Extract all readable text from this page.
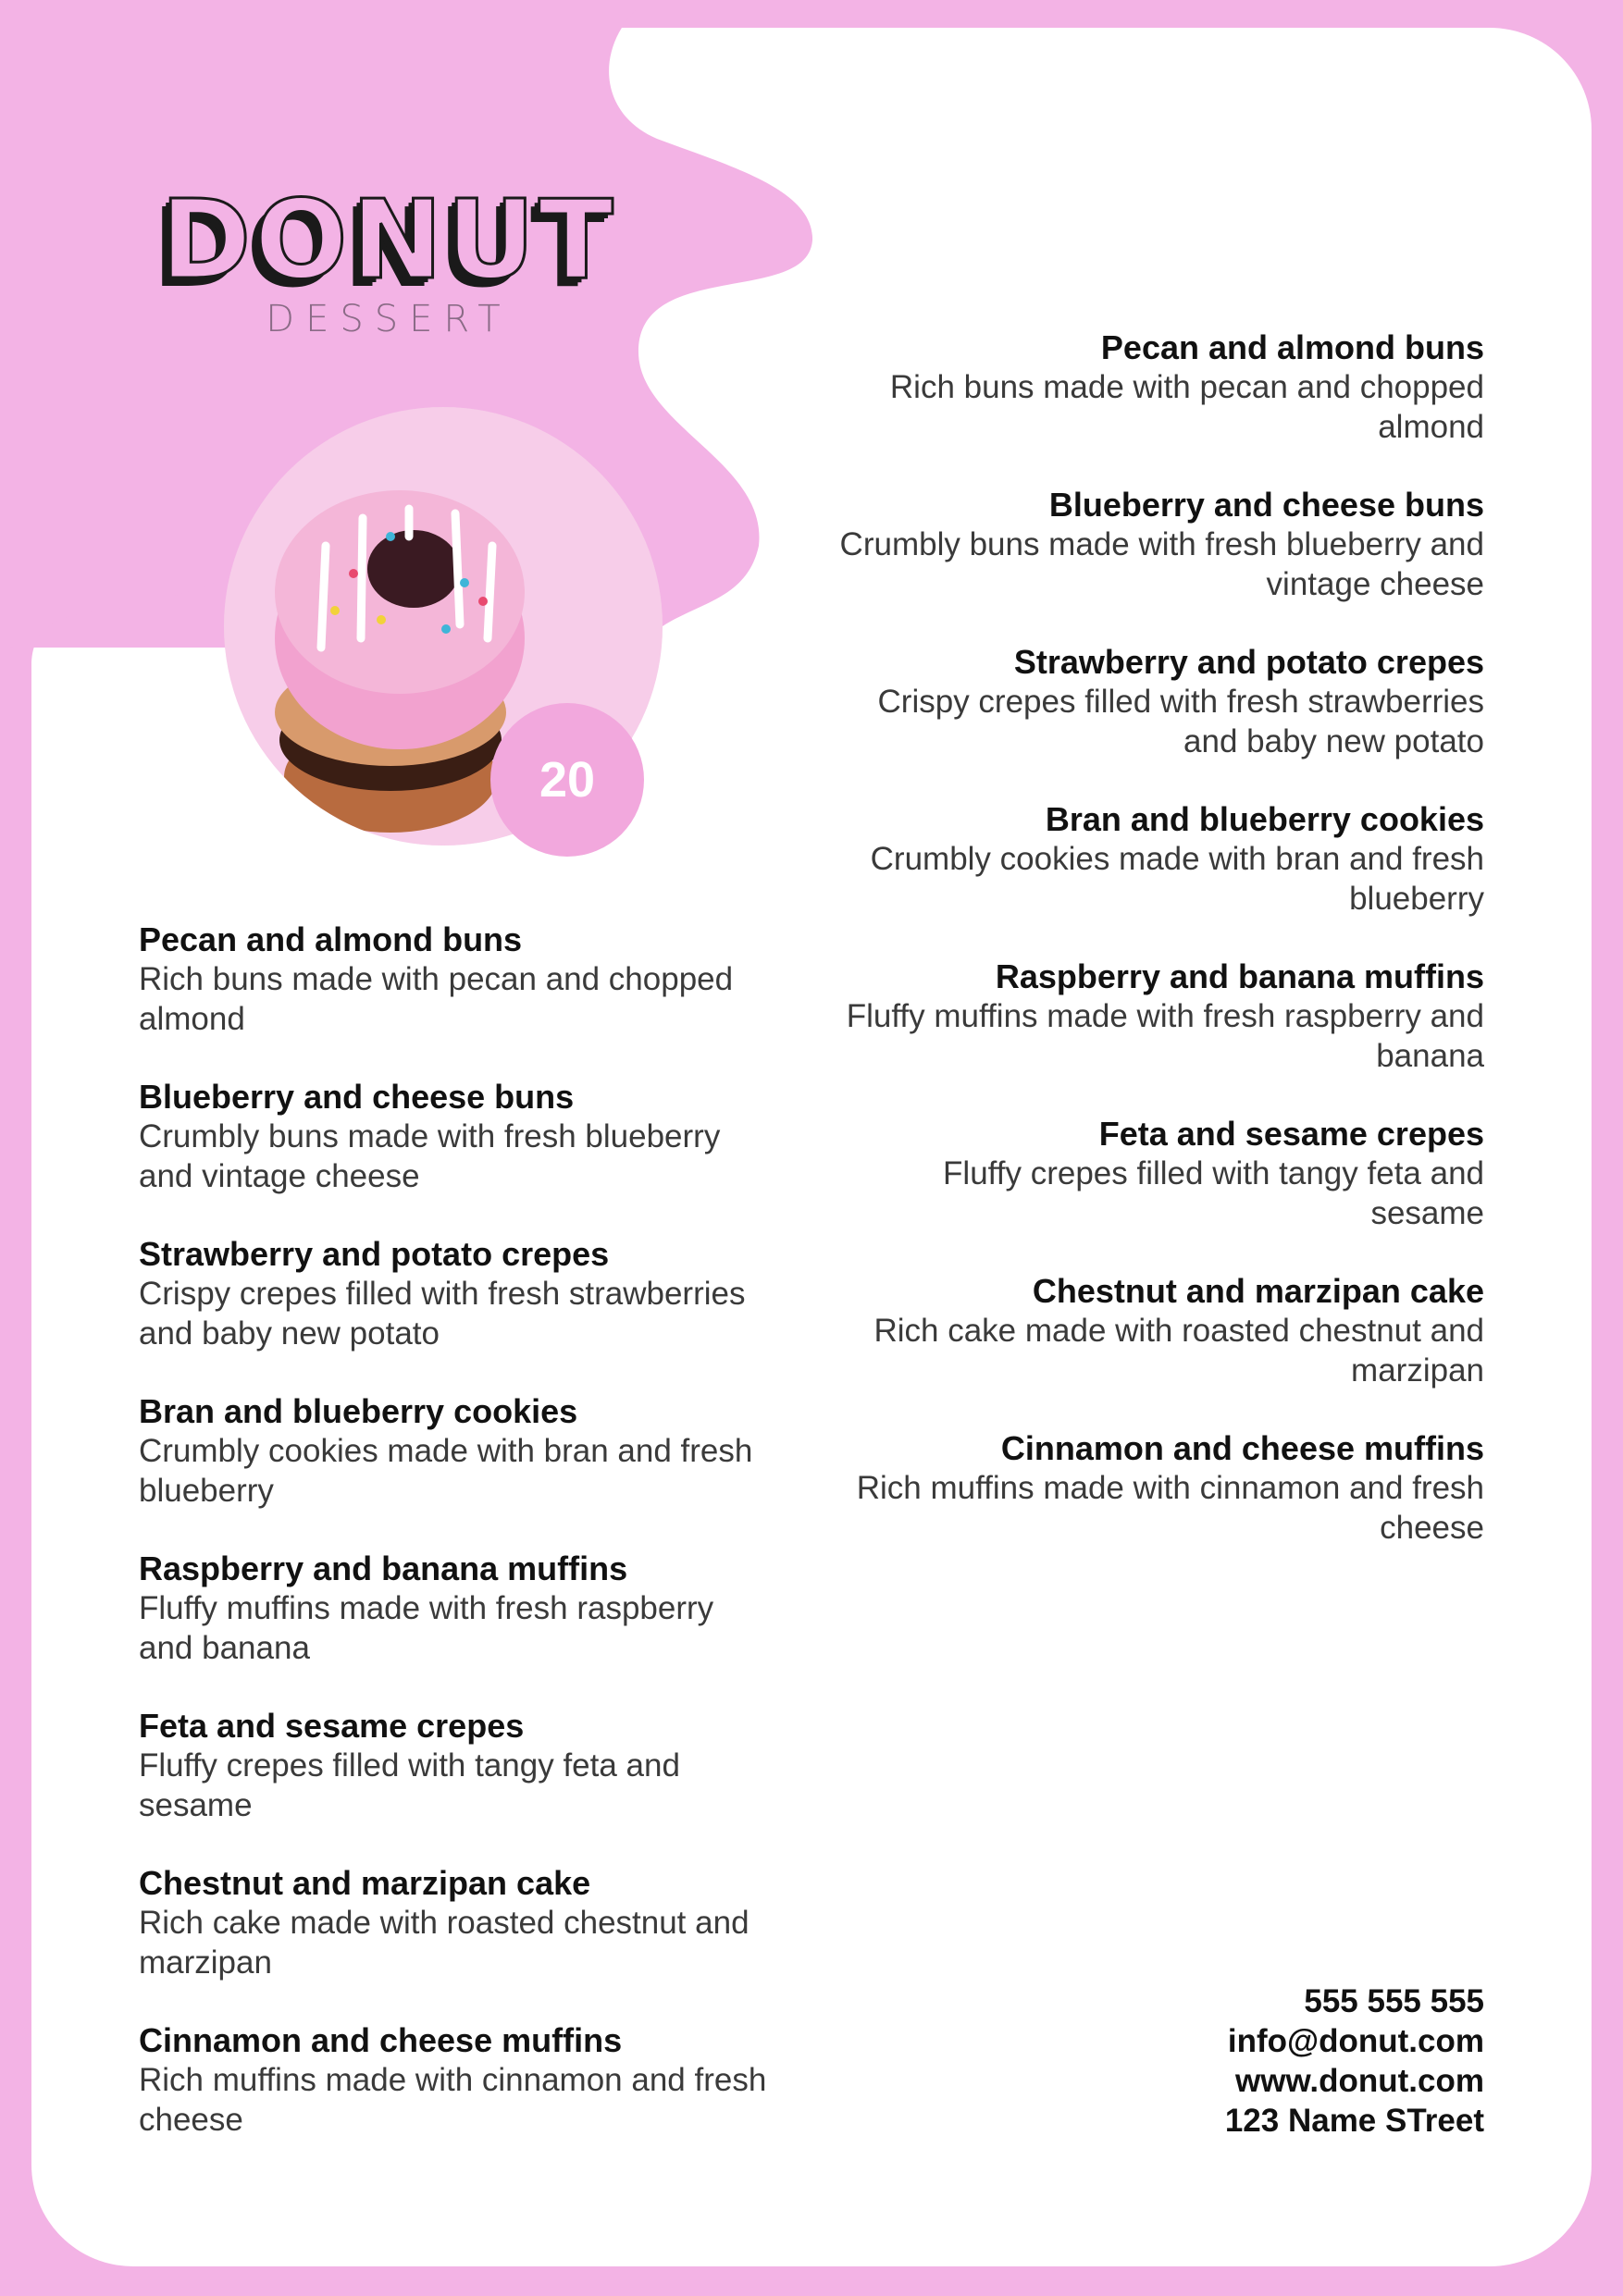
DONUT
DESSERT
20
Pecan and almond buns
Rich buns made with pecan and chopped almond
Blueberry and cheese buns
Crumbly buns made with fresh blueberry and vintage cheese
Strawberry and potato crepes
Crispy crepes filled with fresh strawberries and baby new potato
Bran and blueberry cookies
Crumbly cookies made with bran and fresh blueberry
Raspberry and banana muffins
Fluffy muffins made with fresh raspberry and banana
Feta and sesame crepes
Fluffy crepes filled with tangy feta and sesame
Chestnut and marzipan cake
Rich cake made with roasted chestnut and marzipan
Cinnamon and cheese muffins
Rich muffins made with cinnamon and fresh cheese
Pecan and almond buns
Rich buns made with pecan and chopped almond
Blueberry and cheese buns
Crumbly buns made with fresh blueberry and vintage cheese
Strawberry and potato crepes
Crispy crepes filled with fresh strawberries and baby new potato
Bran and blueberry cookies
Crumbly cookies made with bran and fresh blueberry
Raspberry and banana muffins
Fluffy muffins made with fresh raspberry and banana
Feta and sesame crepes
Fluffy crepes filled with tangy feta and sesame
Chestnut and marzipan cake
Rich cake made with roasted chestnut and marzipan
Cinnamon and cheese muffins
Rich muffins made with cinnamon and fresh cheese
555 555 555
info@donut.com
www.donut.com
123 Name STreet
